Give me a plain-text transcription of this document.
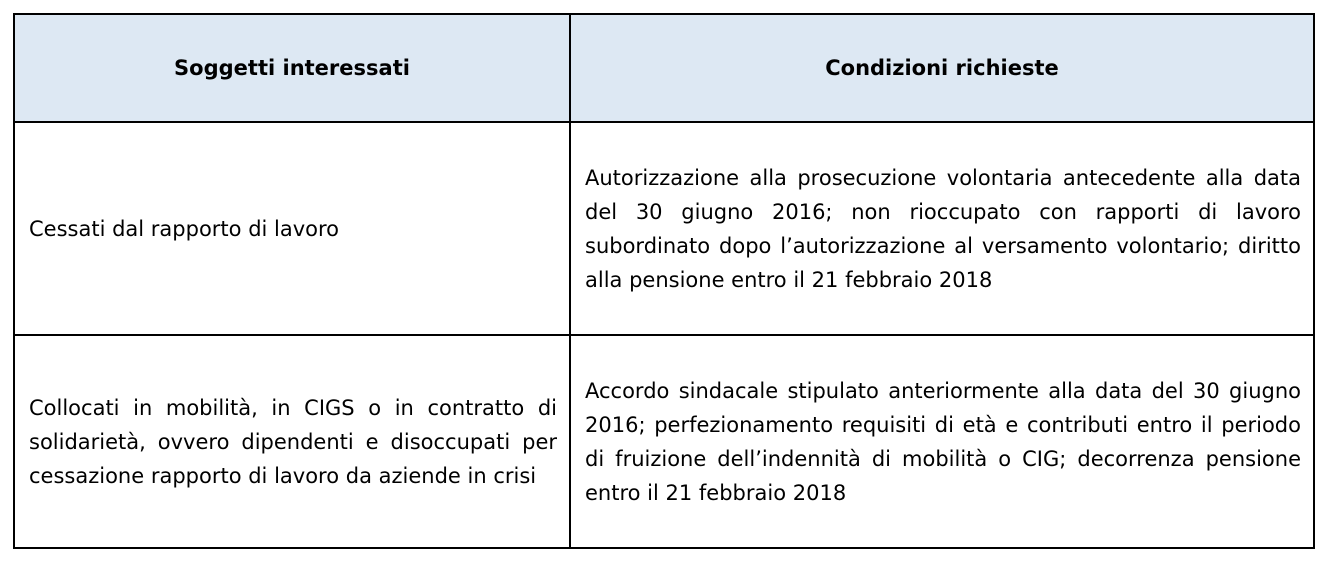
Soggetti interessati	Condizioni richieste
Cessati dal rapporto di lavoro	Autorizzazione alla prosecuzione volontaria antecedente alla data del 30 giugno 2016; non rioccupato con rapporti di lavoro subordinato dopo l’autorizzazione al versamento volontario; diritto alla pensione entro il 21 febbraio 2018
Collocati in mobilità, in CIGS o in contratto di solidarietà, ovvero dipendenti e disoccupati per cessazione rapporto di lavoro da aziende in crisi	Accordo sindacale stipulato anteriormente alla data del 30 giugno 2016; perfezionamento requisiti di età e contributi entro il periodo di fruizione dell’indennità di mobilità o CIG; decorrenza pensione entro il 21 febbraio 2018
